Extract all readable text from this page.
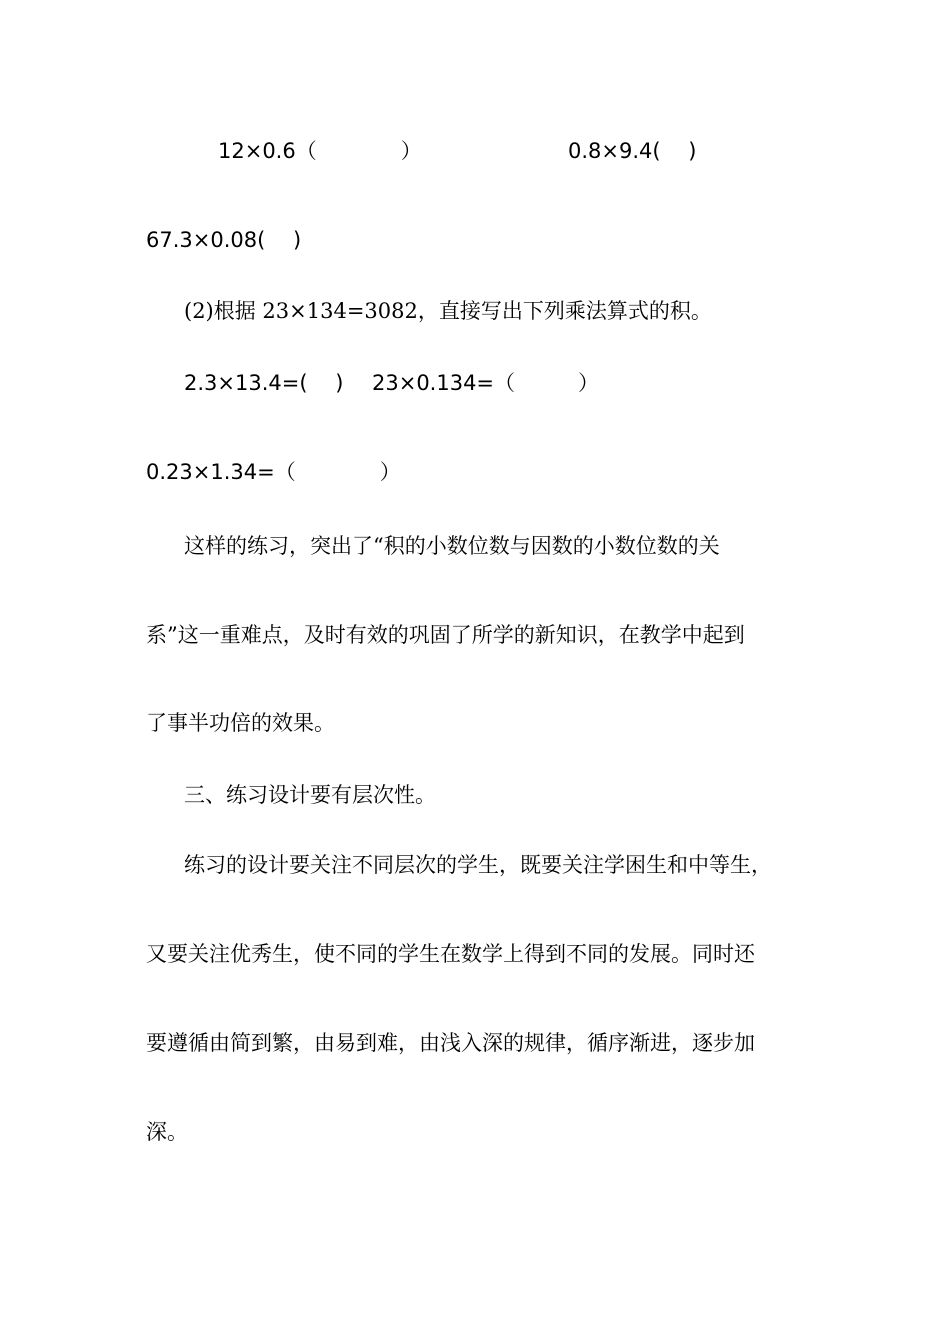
12×0.6（　　　　）	0.8×9.4(　 )

67.3×0.08(　 )

(2)根据 23×134=3082，直接写出下列乘法算式的积。

2.3×13.4=(　 ) 23×0.134=（　　　）

0.23×1.34=（　　　　）

这样的练习，突出了“积的小数位数与因数的小数位数的关

系”这一重难点，及时有效的巩固了所学的新知识，在教学中起到

了事半功倍的效果。

三、练习设计要有层次性。

练习的设计要关注不同层次的学生，既要关注学困生和中等生，

又要关注优秀生，使不同的学生在数学上得到不同的发展。同时还

要遵循由简到繁，由易到难，由浅入深的规律，循序渐进，逐步加

深。
